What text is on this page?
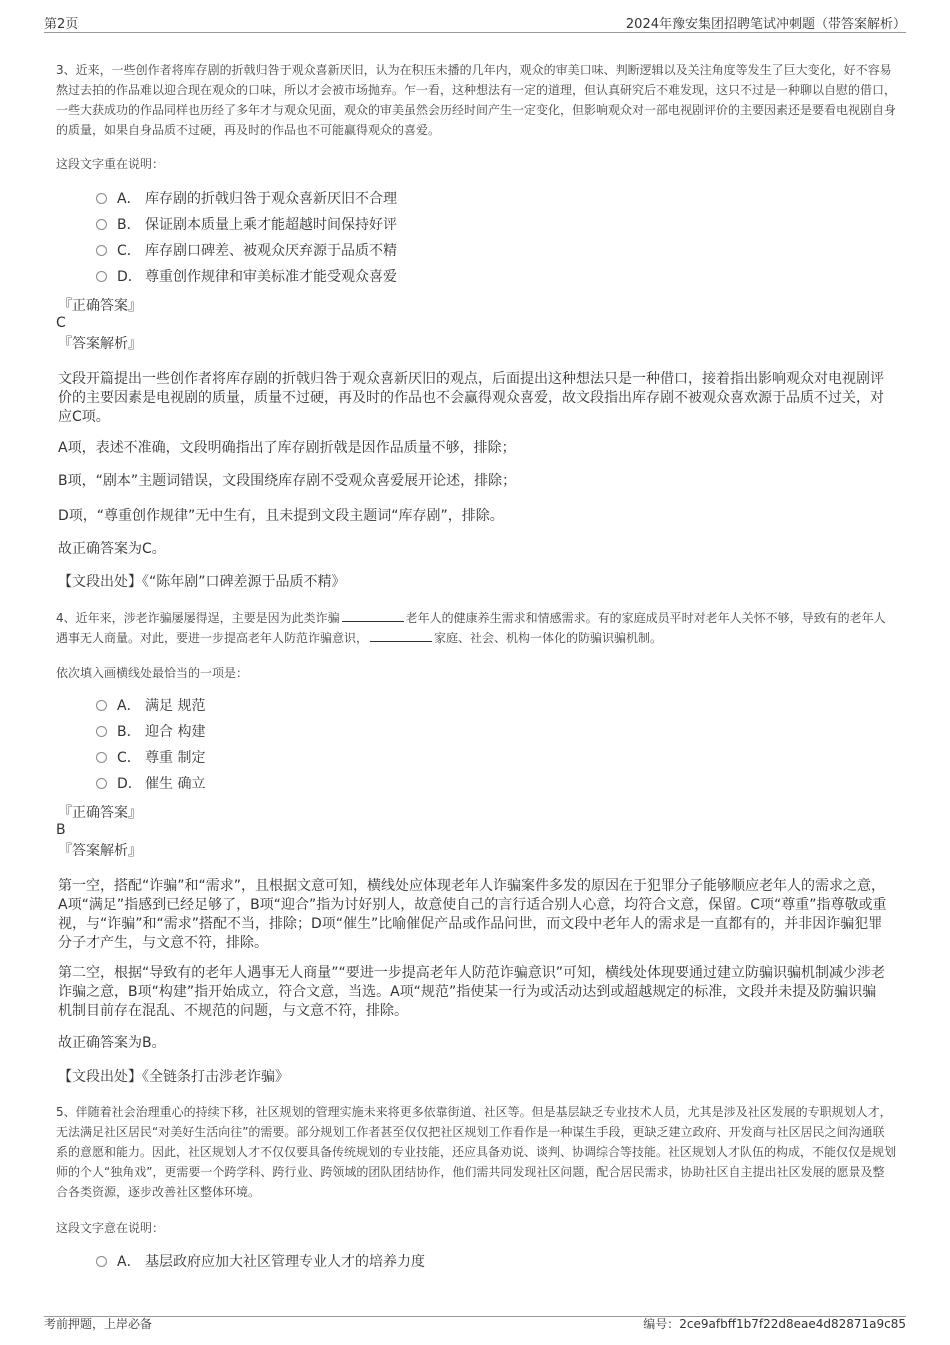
第2页	2024年豫安集团招聘笔试冲刺题（带答案解析）
3、近来，一些创作者将库存剧的折戟归咎于观众喜新厌旧，认为在积压未播的几年内，观众的审美口味、判断逻辑以及关注角度等发生了巨大变化，好不容易熬过去拍的作品难以迎合现在观众的口味，所以才会被市场抛弃。乍一看，这种想法有一定的道理，但认真研究后不难发现，这只不过是一种聊以自慰的借口，一些大获成功的作品同样也历经了多年才与观众见面，观众的审美虽然会历经时间产生一定变化，但影响观众对一部电视剧评价的主要因素还是要看电视剧自身的质量，如果自身品质不过硬，再及时的作品也不可能赢得观众的喜爱。
这段文字重在说明：
A． 库存剧的折戟归咎于观众喜新厌旧不合理
B． 保证剧本质量上乘才能超越时间保持好评
C． 库存剧口碑差、被观众厌弃源于品质不精
D． 尊重创作规律和审美标准才能受观众喜爱
『正确答案』
C
『答案解析』
文段开篇提出一些创作者将库存剧的折戟归咎于观众喜新厌旧的观点，后面提出这种想法只是一种借口，接着指出影响观众对电视剧评价的主要因素是电视剧的质量，质量不过硬，再及时的作品也不会赢得观众喜爱，故文段指出库存剧不被观众喜欢源于品质不过关，对应C项。
A项，表述不准确，文段明确指出了库存剧折戟是因作品质量不够，排除；
B项，“剧本”主题词错误，文段围绕库存剧不受观众喜爱展开论述，排除；
D项，“尊重创作规律”无中生有，且未提到文段主题词“库存剧”，排除。
故正确答案为C。
【文段出处】《“陈年剧”口碑差源于品质不精》
4、近年来，涉老诈骗屡屡得逞，主要是因为此类诈骗	老年人的健康养生需求和情感需求。有的家庭成员平时对老年人关怀不够，导致有的老年人遇事无人商量。对此，要进一步提高老年人防范诈骗意识，	家庭、社会、机构一体化的防骗识骗机制。
依次填入画横线处最恰当的一项是：
A． 满足 规范
B． 迎合 构建
C． 尊重 制定
D． 催生 确立
『正确答案』
B
『答案解析』
第一空，搭配“诈骗”和“需求”，且根据文意可知，横线处应体现老年人诈骗案件多发的原因在于犯罪分子能够顺应老年人的需求之意，A项“满足”指感到已经足够了，B项“迎合”指为讨好别人，故意使自己的言行适合别人心意，均符合文意，保留。C项“尊重”指尊敬或重视，与“诈骗”和“需求”搭配不当，排除；D项“催生”比喻催促产品或作品问世，而文段中老年人的需求是一直都有的，并非因诈骗犯罪分子才产生，与文意不符，排除。
第二空，根据“导致有的老年人遇事无人商量”“要进一步提高老年人防范诈骗意识”可知，横线处体现要通过建立防骗识骗机制减少涉老诈骗之意，B项“构建”指开始成立，符合文意，当选。A项“规范”指使某一行为或活动达到或超越规定的标准，文段并未提及防骗识骗机制目前存在混乱、不规范的问题，与文意不符，排除。
故正确答案为B。
【文段出处】《全链条打击涉老诈骗》
5、伴随着社会治理重心的持续下移，社区规划的管理实施未来将更多依靠街道、社区等。但是基层缺乏专业技术人员，尤其是涉及社区发展的专职规划人才，无法满足社区居民“对美好生活向往”的需要。部分规划工作者甚至仅仅把社区规划工作看作是一种谋生手段，更缺乏建立政府、开发商与社区居民之间沟通联系的意愿和能力。因此，社区规划人才不仅仅要具备传统规划的专业技能，还应具备劝说、谈判、协调综合等技能。社区规划人才队伍的构成，不能仅仅是规划师的个人“独角戏”，更需要一个跨学科、跨行业、跨领域的团队团结协作，他们需共同发现社区问题，配合居民需求，协助社区自主提出社区发展的愿景及整合各类资源，逐步改善社区整体环境。
这段文字意在说明：
A． 基层政府应加大社区管理专业人才的培养力度
考前押题，上岸必备	编号：2ce9afbff1b7f22d8eae4d82871a9c85
